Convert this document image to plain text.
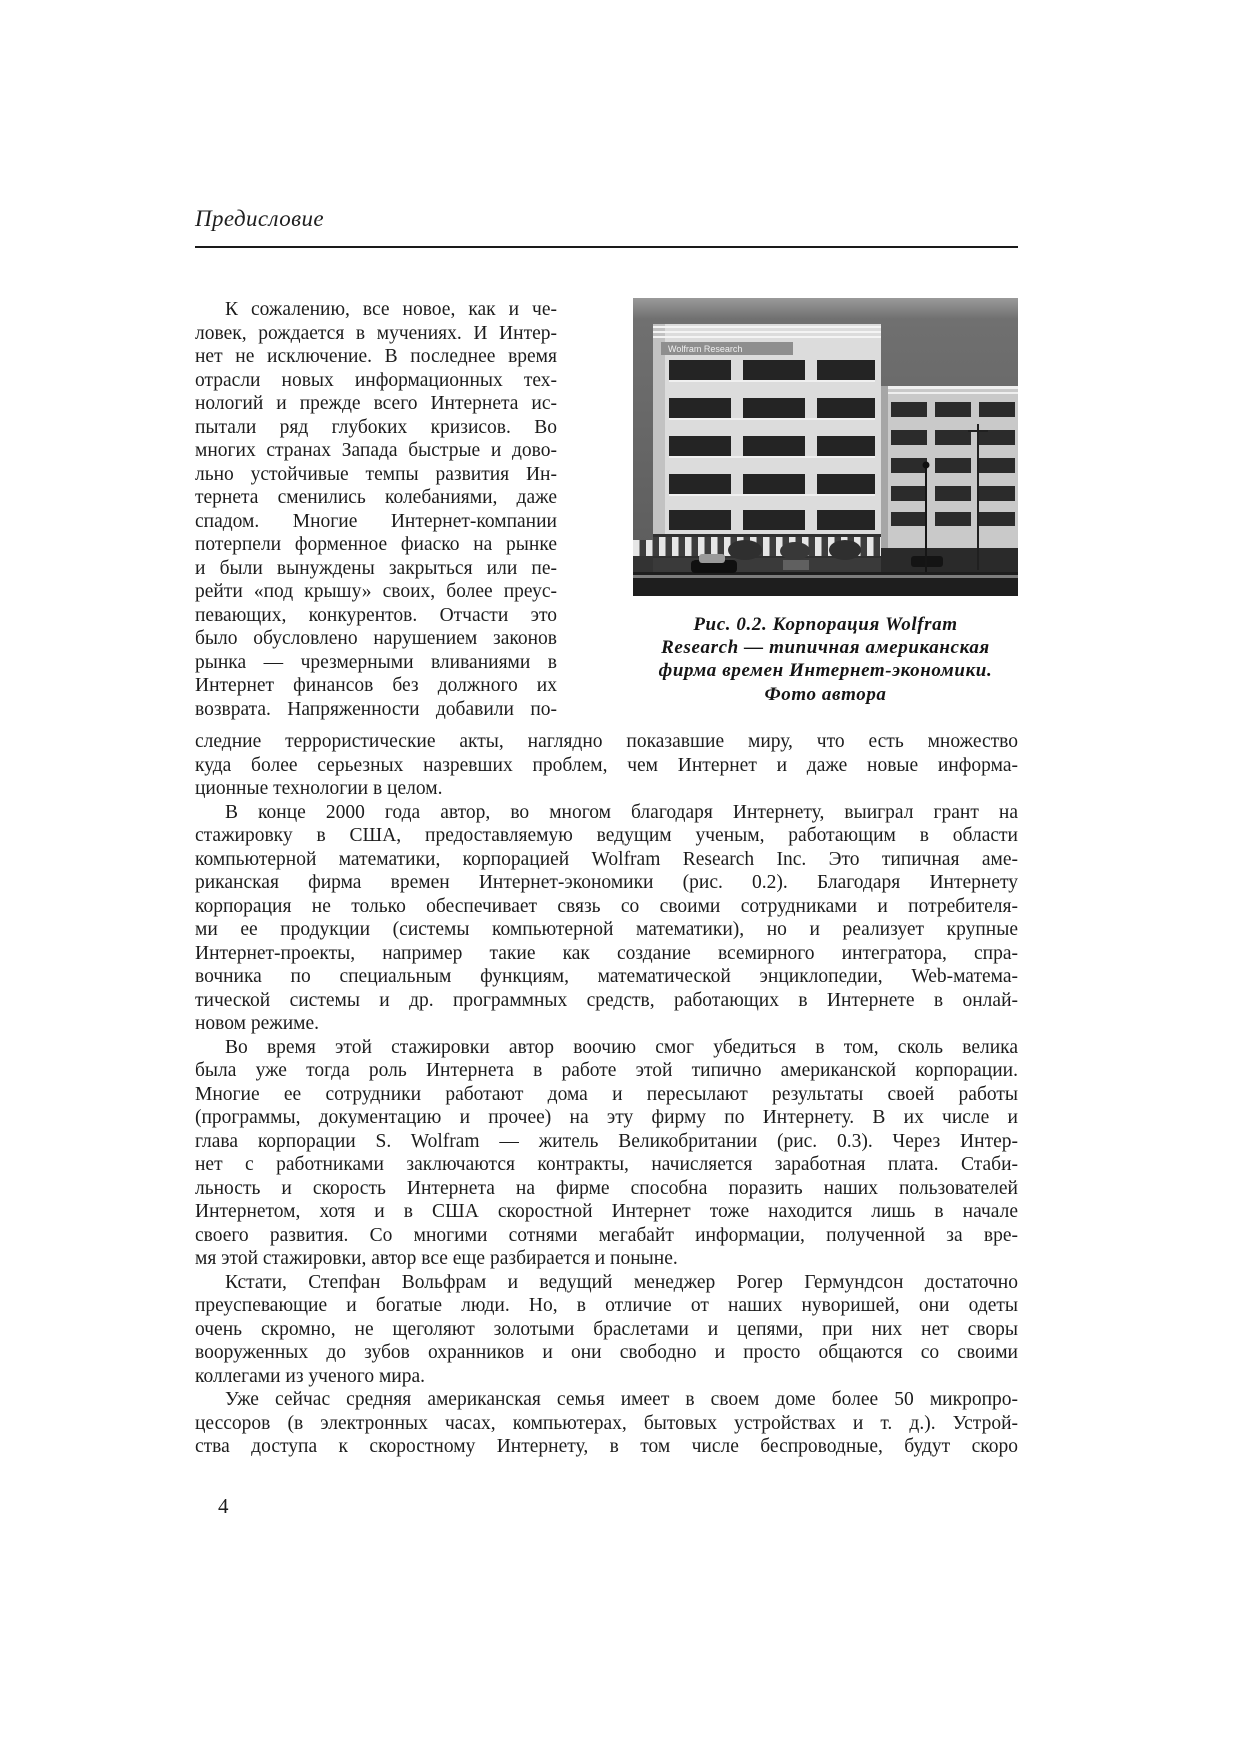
Предисловие
К сожалению, все новое, как и че-
ловек, рождается в мучениях. И Интер-
нет не исключение. В последнее время
отрасли новых информационных тех-
нологий и прежде всего Интернета ис-
пытали ряд глубоких кризисов. Во
многих странах Запада быстрые и дово-
льно устойчивые темпы развития Ин-
тернета сменились колебаниями, даже
спадом. Многие Интернет-компании
потерпели форменное фиаско на рынке
и были вынуждены закрыться или пе-
рейти «под крышу» своих, более преус-
певающих, конкурентов. Отчасти это
было обусловлено нарушением законов
рынка — чрезмерными вливаниями в
Интернет финансов без должного их
возврата. Напряженности добавили по-
Wolfram Research
Рис. 0.2. Корпорация Wolfram
Research — типичная американская
фирма времен Интернет-экономики.
Фото автора
следние террористические акты, наглядно показавшие миру, что есть множество
куда более серьезных назревших проблем, чем Интернет и даже новые информа-
ционные технологии в целом.
В конце 2000 года автор, во многом благодаря Интернету, выиграл грант на
стажировку в США, предоставляемую ведущим ученым, работающим в области
компьютерной математики, корпорацией Wolfram Research Inc. Это типичная аме-
риканская фирма времен Интернет-экономики (рис. 0.2). Благодаря Интернету
корпорация не только обеспечивает связь со своими сотрудниками и потребителя-
ми ее продукции (системы компьютерной математики), но и реализует крупные
Интернет-проекты, например такие как создание всемирного интегратора, спра-
вочника по специальным функциям, математической энциклопедии, Web-матема-
тической системы и др. программных средств, работающих в Интернете в онлай-
новом режиме.
Во время этой стажировки автор воочию смог убедиться в том, сколь велика
была уже тогда роль Интернета в работе этой типично американской корпорации.
Многие ее сотрудники работают дома и пересылают результаты своей работы
(программы, документацию и прочее) на эту фирму по Интернету. В их числе и
глава корпорации S. Wolfram — житель Великобритании (рис. 0.3). Через Интер-
нет с работниками заключаются контракты, начисляется заработная плата. Стаби-
льность и скорость Интернета на фирме способна поразить наших пользователей
Интернетом, хотя и в США скоростной Интернет тоже находится лишь в начале
своего развития. Со многими сотнями мегабайт информации, полученной за вре-
мя этой стажировки, автор все еще разбирается и поныне.
Кстати, Степфан Вольфрам и ведущий менеджер Рогер Гермундсон достаточно
преуспевающие и богатые люди. Но, в отличие от наших нуворишей, они одеты
очень скромно, не щеголяют золотыми браслетами и цепями, при них нет своры
вооруженных до зубов охранников и они свободно и просто общаются со своими
коллегами из ученого мира.
Уже сейчас средняя американская семья имеет в своем доме более 50 микропро-
цессоров (в электронных часах, компьютерах, бытовых устройствах и т. д.). Устрой-
ства доступа к скоростному Интернету, в том числе беспроводные, будут скоро
4
